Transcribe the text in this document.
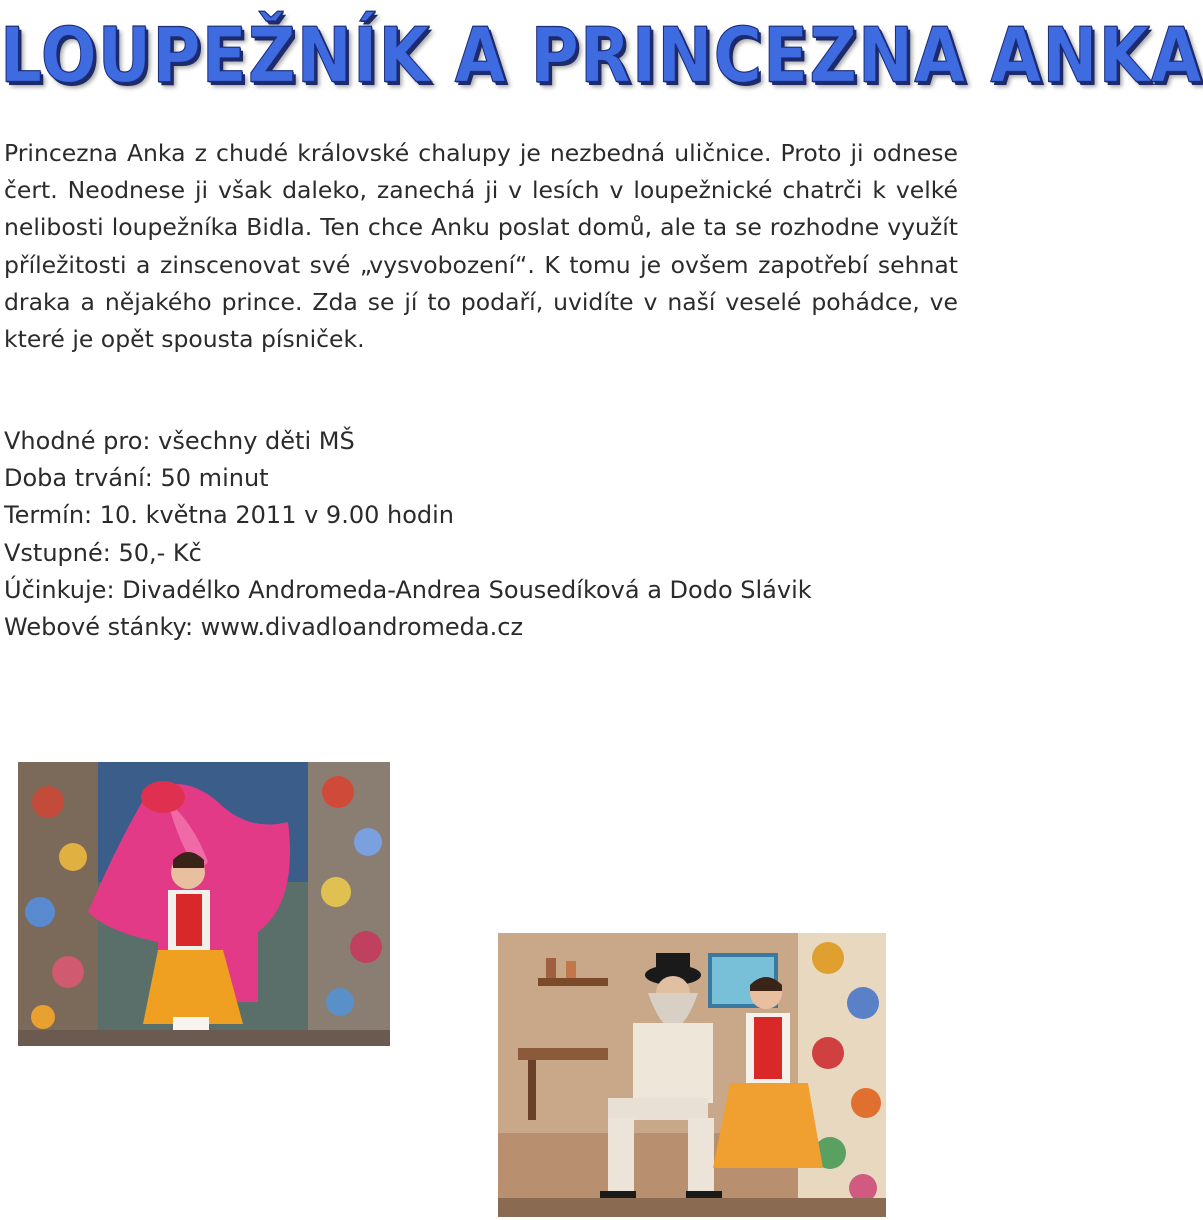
LOUPEŽNÍK A PRINCEZNA ANKA

Princezna Anka z chudé královské chalupy je nezbedná uličnice. Proto ji odnese čert. Neodnese ji však daleko, zanechá ji v lesích v loupežnické chatrči k velké nelibosti loupežníka Bidla. Ten chce Anku poslat domů, ale ta se rozhodne využít příležitosti a zinscenovat své „vysvobození“. K tomu je ovšem zapotřebí sehnat draka a nějakého prince. Zda se jí to podaří, uvidíte v naší veselé pohádce, ve které je opět spousta písniček.

Vhodné pro: všechny děti MŠ
Doba trvání: 50 minut
Termín: 10. května 2011 v 9.00 hodin
Vstupné: 50,- Kč
Účinkuje: Divadélko Andromeda-Andrea Sousedíková a Dodo Slávik
Webové stánky: www.divadloandromeda.cz
